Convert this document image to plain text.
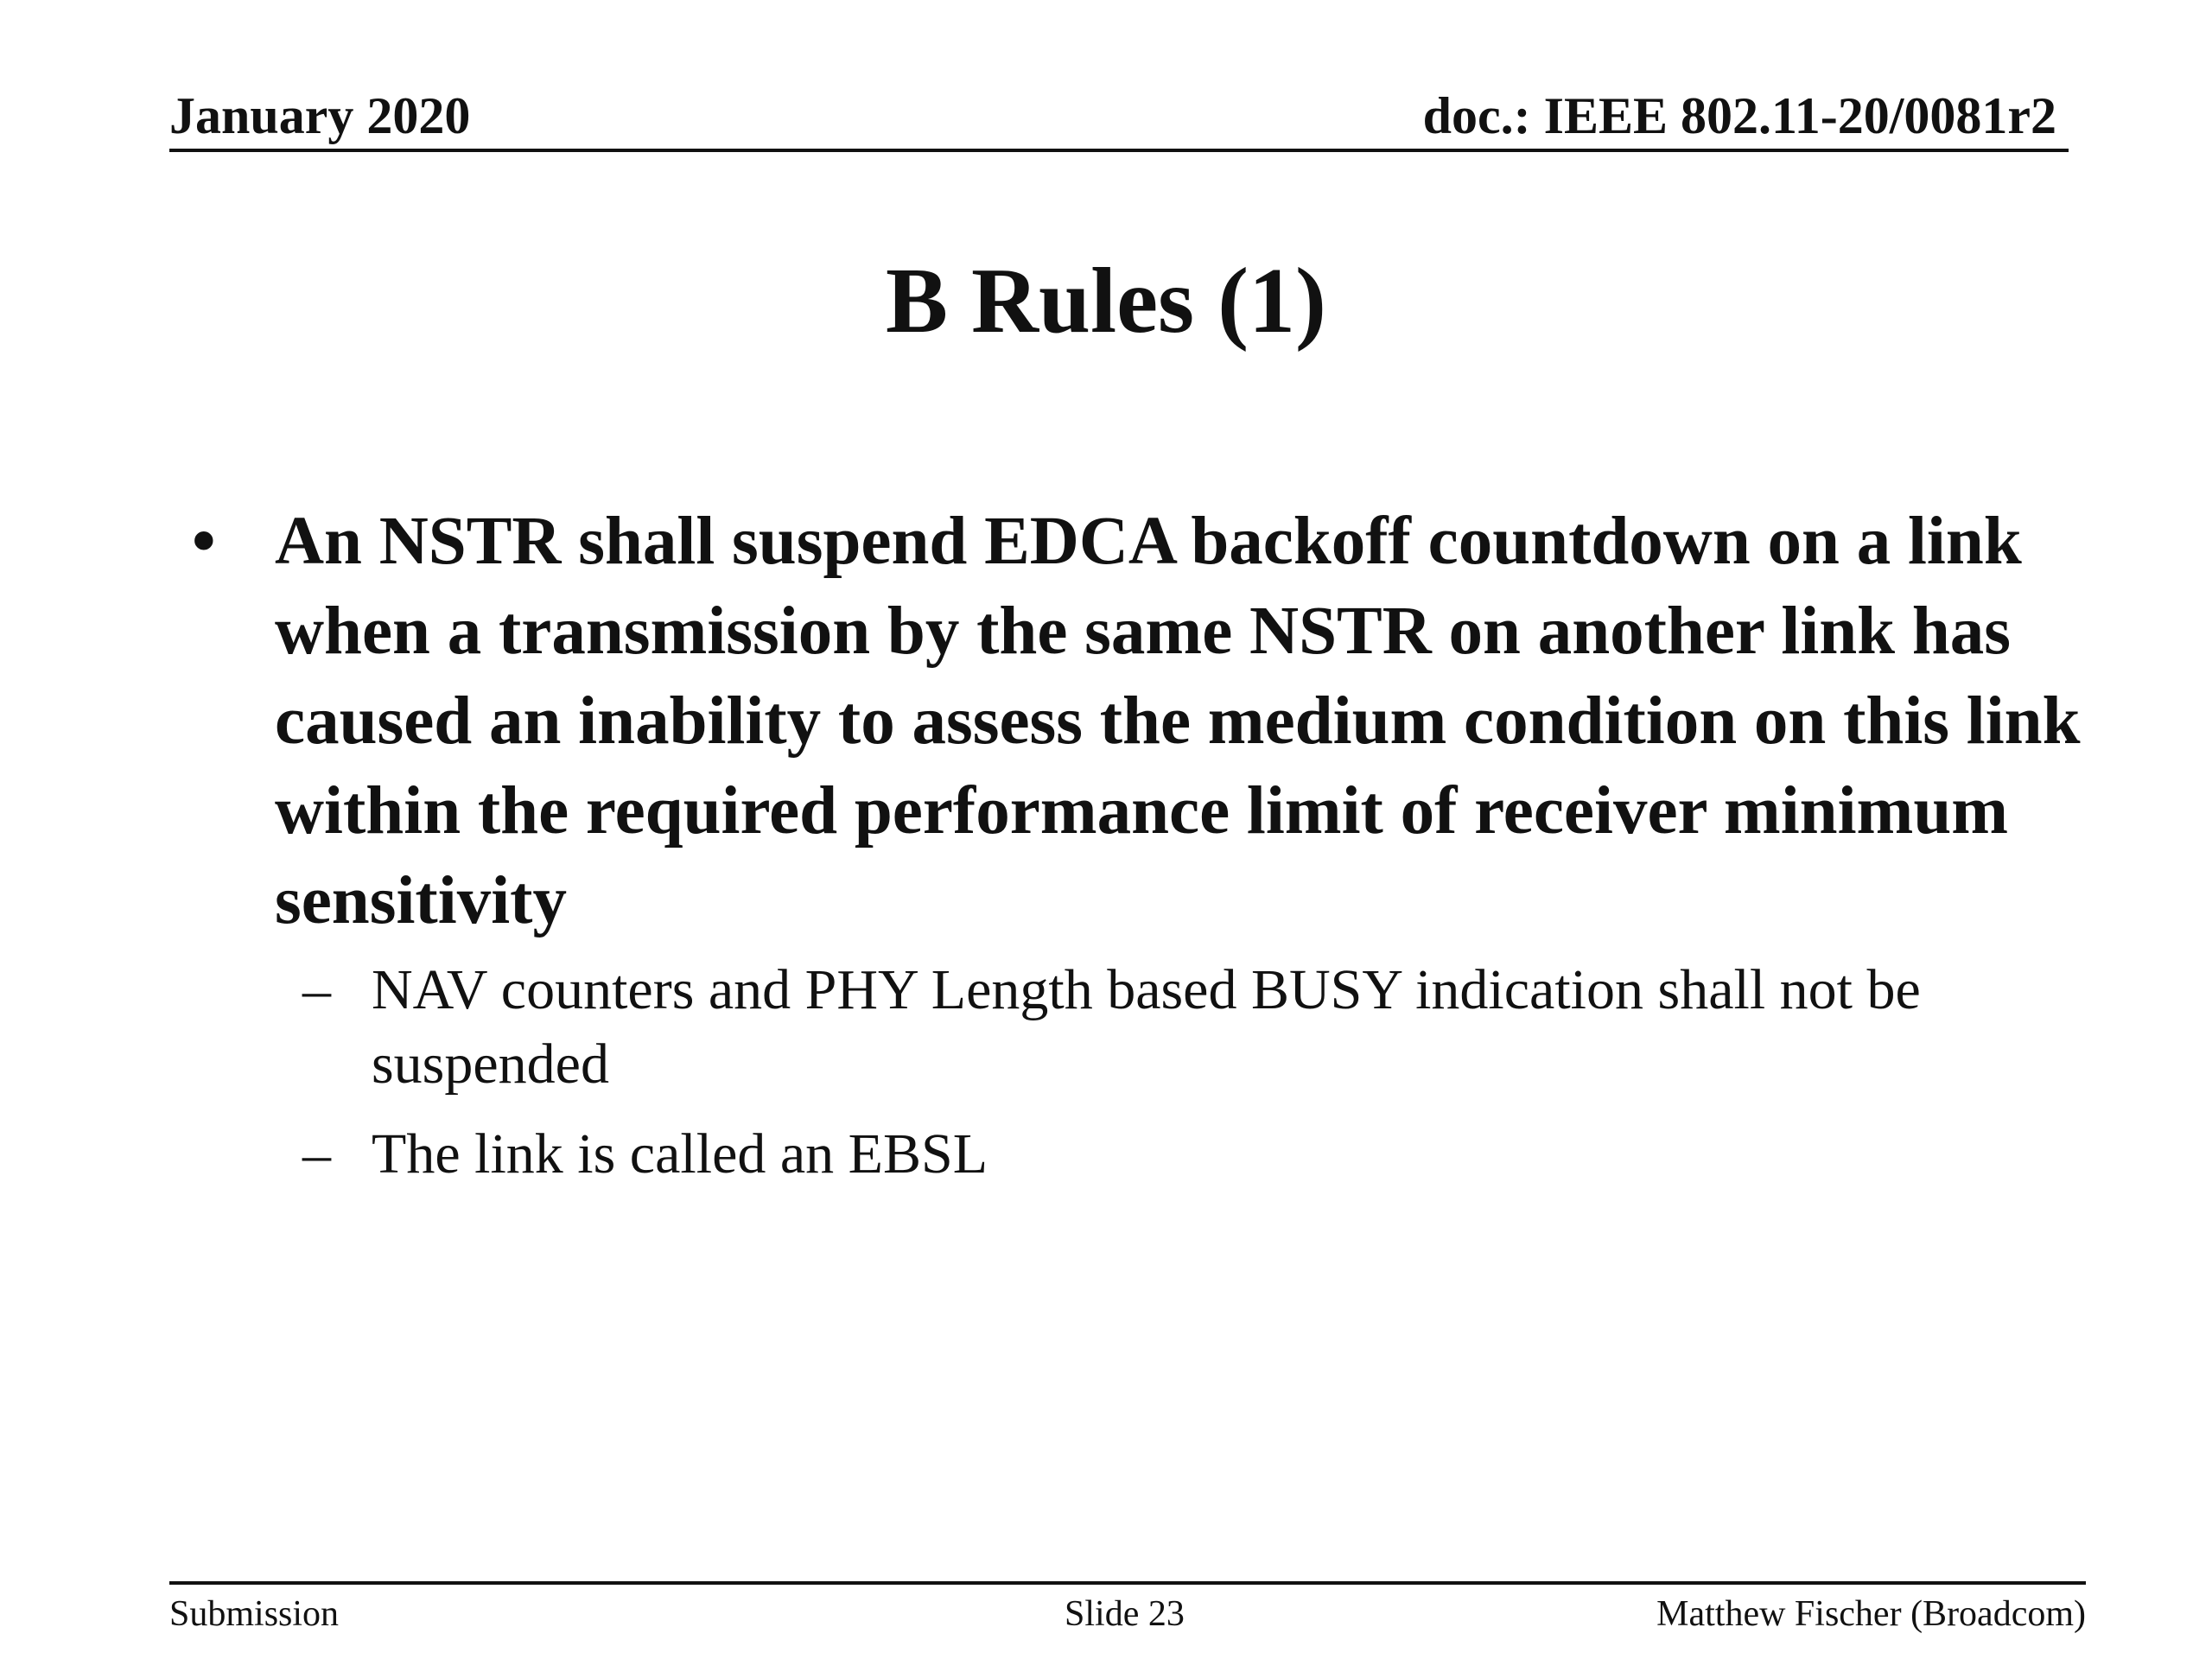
January 2020	doc.: IEEE 802.11-20/0081r2
B Rules (1)
• An NSTR shall suspend EDCA backoff countdown on a link when a transmission by the same NSTR on another link has caused an inability to assess the medium condition on this link within the required performance limit of receiver minimum sensitivity
– NAV counters and PHY Length based BUSY indication shall not be suspended
– The link is called an EBSL
Submission	Slide 23	Matthew Fischer (Broadcom)
